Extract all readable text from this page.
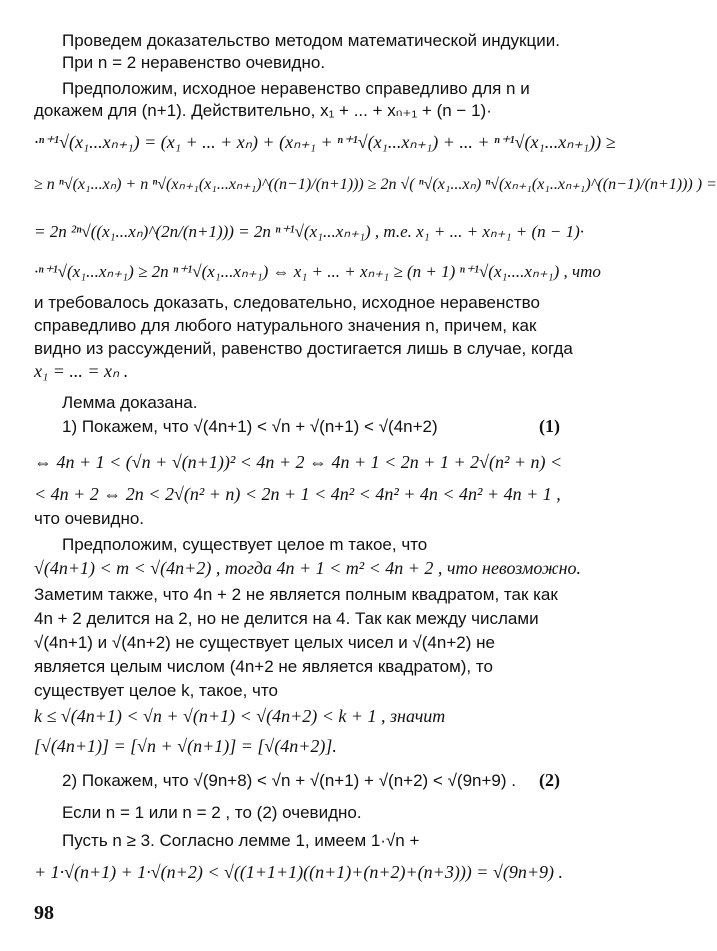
Проведем доказательство методом математической индукции.
При n = 2 неравенство очевидно.
Предположим, исходное неравенство справедливо для n и
докажем для (n+1). Действительно, x₁ + ... + xₙ₊₁ + (n − 1)·
·ⁿ⁺¹√(x₁...xₙ₊₁) = (x₁ + ... + xₙ) + (xₙ₊₁ + ⁿ⁺¹√(x₁...xₙ₊₁) + ... + ⁿ⁺¹√(x₁...xₙ₊₁)) ≥
≥ n ⁿ√(x₁...xₙ) + n ⁿ√(xₙ₊₁(x₁...xₙ₊₁)^((n−1)/(n+1))) ≥ 2n √( ⁿ√(x₁...xₙ) ⁿ√(xₙ₊₁(x₁..xₙ₊₁)^((n−1)/(n+1))) ) =
= 2n ²ⁿ√((x₁...xₙ)^(2n/(n+1))) = 2n ⁿ⁺¹√(x₁...xₙ₊₁) , т.е. x₁ + ... + xₙ₊₁ + (n − 1)·
·ⁿ⁺¹√(x₁...xₙ₊₁) ≥ 2n ⁿ⁺¹√(x₁...xₙ₊₁) ⇔ x₁ + ... + xₙ₊₁ ≥ (n + 1) ⁿ⁺¹√(x₁....xₙ₊₁) , что
и требовалось доказать, следовательно, исходное неравенство
справедливо для любого натурального значения n, причем, как
видно из рассуждений, равенство достигается лишь в случае, когда
x₁ = ... = xₙ .
Лемма доказана.
1) Покажем, что √(4n+1) < √n + √(n+1) < √(4n+2)	(1)
⇔ 4n + 1 < (√n + √(n+1))² < 4n + 2 ⇔ 4n + 1 < 2n + 1 + 2√(n² + n) <
< 4n + 2 ⇔ 2n < 2√(n² + n) < 2n + 1 < 4n² < 4n² + 4n < 4n² + 4n + 1 ,
что очевидно.
Предположим, существует целое m такое, что
√(4n+1) < m < √(4n+2) , тогда 4n + 1 < m² < 4n + 2 , что невозможно.
Заметим также, что 4n + 2 не является полным квадратом, так как
4n + 2 делится на 2, но не делится на 4. Так как между числами
√(4n+1) и √(4n+2) не существует целых чисел и √(4n+2) не
является целым числом (4n+2 не является квадратом), то
существует целое k, такое, что
k ≤ √(4n+1) < √n + √(n+1) < √(4n+2) < k + 1 , значит
[√(4n+1)] = [√n + √(n+1)] = [√(4n+2)].
2) Покажем, что √(9n+8) < √n + √(n+1) + √(n+2) < √(9n+9) .	(2)
Если n = 1 или n = 2 , то (2) очевидно.
Пусть n ≥ 3. Согласно лемме 1, имеем 1·√n +
+ 1·√(n+1) + 1·√(n+2) < √((1+1+1)((n+1)+(n+2)+(n+3))) = √(9n+9) .
98
